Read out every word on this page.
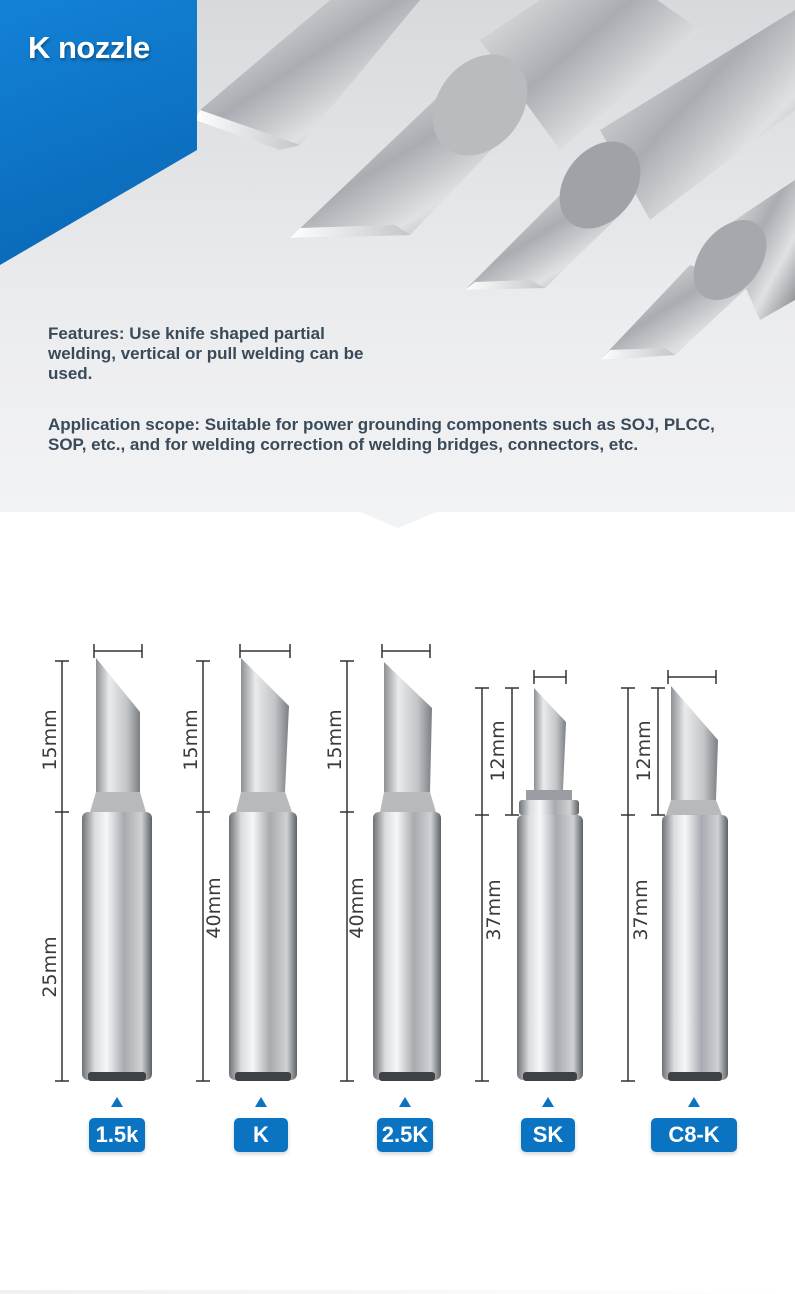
K nozzle
Features: Use knife shaped partial welding, vertical or pull welding can be used.
Application scope: Suitable for power grounding components such as SOJ, PLCC, SOP, etc., and for welding correction of welding bridges, connectors, etc.
15mm
25mm
15mm
40mm
15mm
40mm
12mm
37mm
12mm
37mm
1.5k	K	2.5K	SK	C8-K
